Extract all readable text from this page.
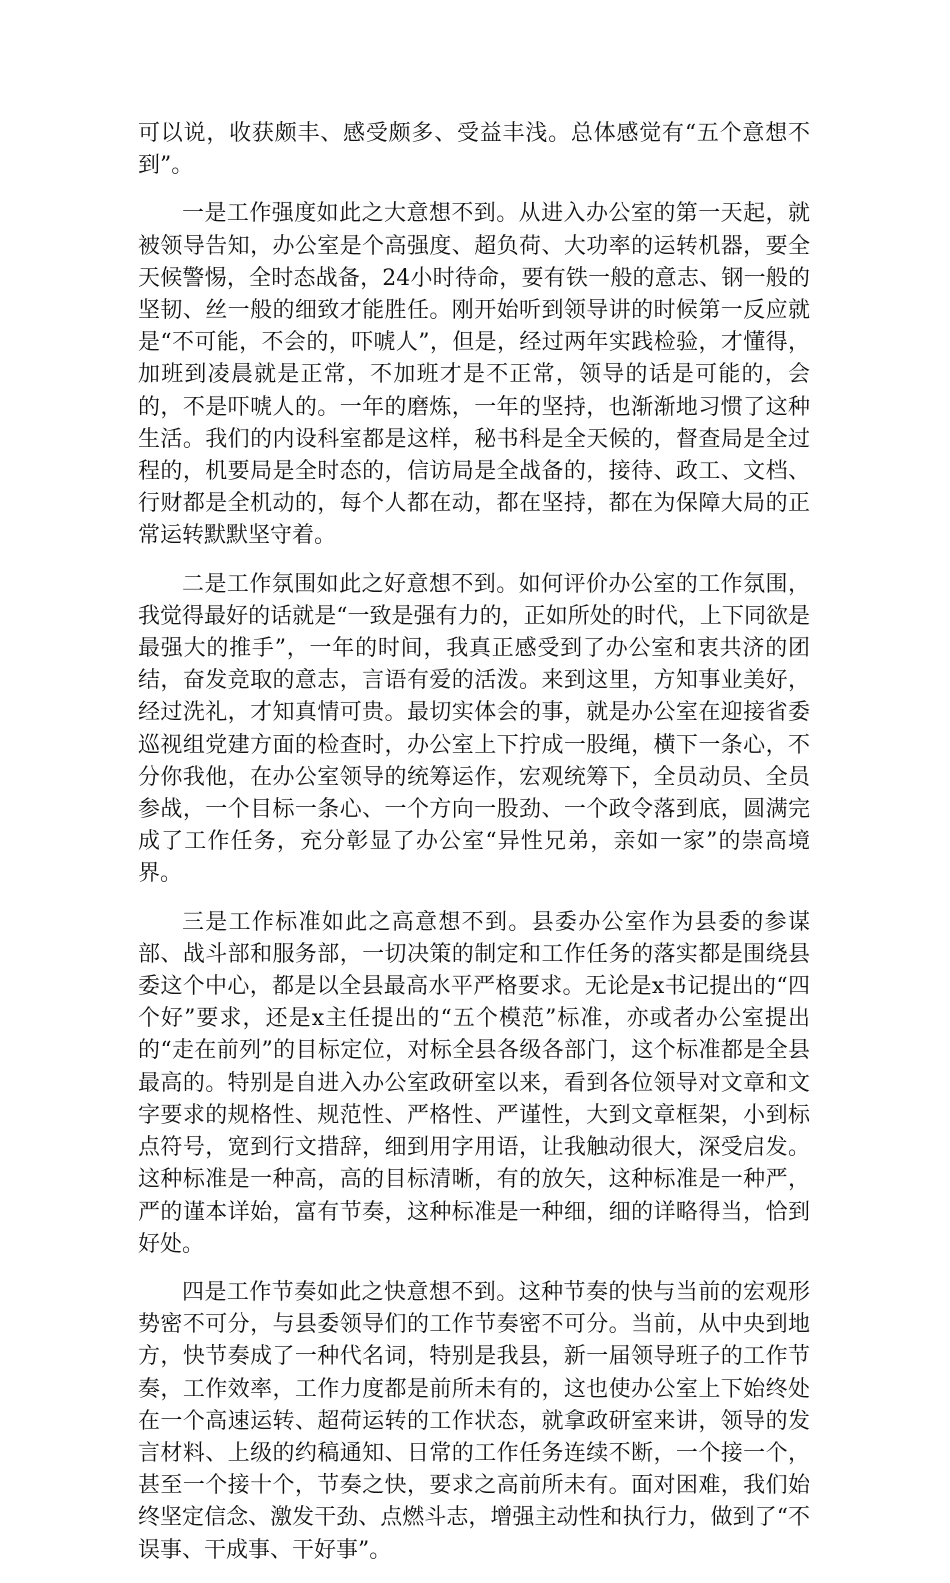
可以说，收获颇丰、感受颇多、受益丰浅。总体感觉有“五个意想不到”。

一是工作强度如此之大意想不到。从进入办公室的第一天起，就被领导告知，办公室是个高强度、超负荷、大功率的运转机器，要全天候警惕，全时态战备，24小时待命，要有铁一般的意志、钢一般的坚韧、丝一般的细致才能胜任。刚开始听到领导讲的时候第一反应就是“不可能，不会的，吓唬人”，但是，经过两年实践检验，才懂得，加班到凌晨就是正常，不加班才是不正常，领导的话是可能的，会的，不是吓唬人的。一年的磨炼，一年的坚持，也渐渐地习惯了这种生活。我们的内设科室都是这样，秘书科是全天候的，督查局是全过程的，机要局是全时态的，信访局是全战备的，接待、政工、文档、行财都是全机动的，每个人都在动，都在坚持，都在为保障大局的正常运转默默坚守着。

二是工作氛围如此之好意想不到。如何评价办公室的工作氛围，我觉得最好的话就是“一致是强有力的，正如所处的时代，上下同欲是最强大的推手”，一年的时间，我真正感受到了办公室和衷共济的团结，奋发竞取的意志，言语有爱的活泼。来到这里，方知事业美好，经过洗礼，才知真情可贵。最切实体会的事，就是办公室在迎接省委巡视组党建方面的检查时，办公室上下拧成一股绳，横下一条心，不分你我他，在办公室领导的统筹运作，宏观统筹下，全员动员、全员参战，一个目标一条心、一个方向一股劲、一个政令落到底，圆满完成了工作任务，充分彰显了办公室“异性兄弟，亲如一家”的崇高境界。

三是工作标准如此之高意想不到。县委办公室作为县委的参谋部、战斗部和服务部，一切决策的制定和工作任务的落实都是围绕县委这个中心，都是以全县最高水平严格要求。无论是x书记提出的“四个好”要求，还是x主任提出的“五个模范”标准，亦或者办公室提出的“走在前列”的目标定位，对标全县各级各部门，这个标准都是全县最高的。特别是自进入办公室政研室以来，看到各位领导对文章和文字要求的规格性、规范性、严格性、严谨性，大到文章框架，小到标点符号，宽到行文措辞，细到用字用语，让我触动很大，深受启发。这种标准是一种高，高的目标清晰，有的放矢，这种标准是一种严，严的谨本详始，富有节奏，这种标准是一种细，细的详略得当，恰到好处。

四是工作节奏如此之快意想不到。这种节奏的快与当前的宏观形势密不可分，与县委领导们的工作节奏密不可分。当前，从中央到地方，快节奏成了一种代名词，特别是我县，新一届领导班子的工作节奏，工作效率，工作力度都是前所未有的，这也使办公室上下始终处在一个高速运转、超荷运转的工作状态，就拿政研室来讲，领导的发言材料、上级的约稿通知、日常的工作任务连续不断，一个接一个，甚至一个接十个，节奏之快，要求之高前所未有。面对困难，我们始终坚定信念、激发干劲、点燃斗志，增强主动性和执行力，做到了“不误事、干成事、干好事”。
